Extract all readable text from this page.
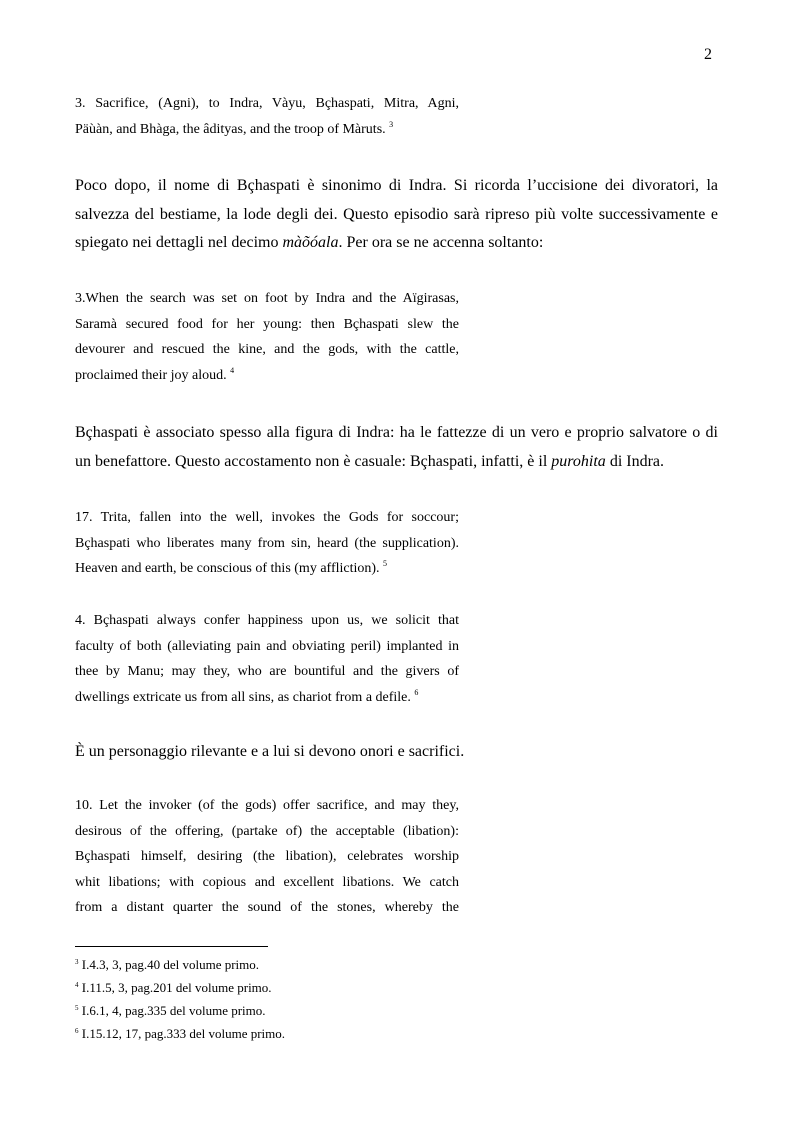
2
3. Sacrifice, (Agni), to Indra, Vàyu, Bçhaspati, Mitra, Agni,
Päùàn, and Bhàga, the âdityas, and the troop of Màruts. $^3$
Poco dopo, il nome di Bçhaspati è sinonimo di Indra. Si ricorda l’uccisione dei divoratori, la
salvezza del bestiame, la lode degli dei. Questo episodio sarà ripreso più volte successivamente e
spiegato nei dettagli nel decimo màõóala. Per ora se ne accenna soltanto:
3.When the search was set on foot by Indra and the Aïgirasas,
Saramà secured food for her young: then Bçhaspati slew the
devourer and rescued the kine, and the gods, with the cattle,
proclaimed their joy aloud. $^4$
Bçhaspati è associato spesso alla figura di Indra: ha le fattezze di un vero e proprio salvatore o di
un benefattore. Questo accostamento non è casuale: Bçhaspati, infatti, è il purohita di Indra.
17. Trita, fallen into the well, invokes the Gods for soccour;
Bçhaspati who liberates many from sin, heard (the supplication).
Heaven and earth, be conscious of this (my affliction). $^5$
4. Bçhaspati always confer happiness upon us, we solicit that
faculty of both (alleviating pain and obviating peril) implanted in
thee by Manu; may they, who are bountiful and the givers of
dwellings extricate us from all sins, as chariot from a defile. $^6$
È un personaggio rilevante e a lui si devono onori e sacrifici.
10. Let the invoker (of the gods) offer sacrifice, and may they,
desirous of the offering, (partake of) the acceptable (libation):
Bçhaspati himself, desiring (the libation), celebrates worship
whit libations; with copious and excellent libations. We catch
from a distant quarter the sound of the stones, whereby the
$^3$ I.4.3, 3, pag.40 del volume primo.
$^4$ I.11.5, 3, pag.201 del volume primo.
$^5$ I.6.1, 4, pag.335 del volume primo.
$^6$ I.15.12, 17, pag.333 del volume primo.
